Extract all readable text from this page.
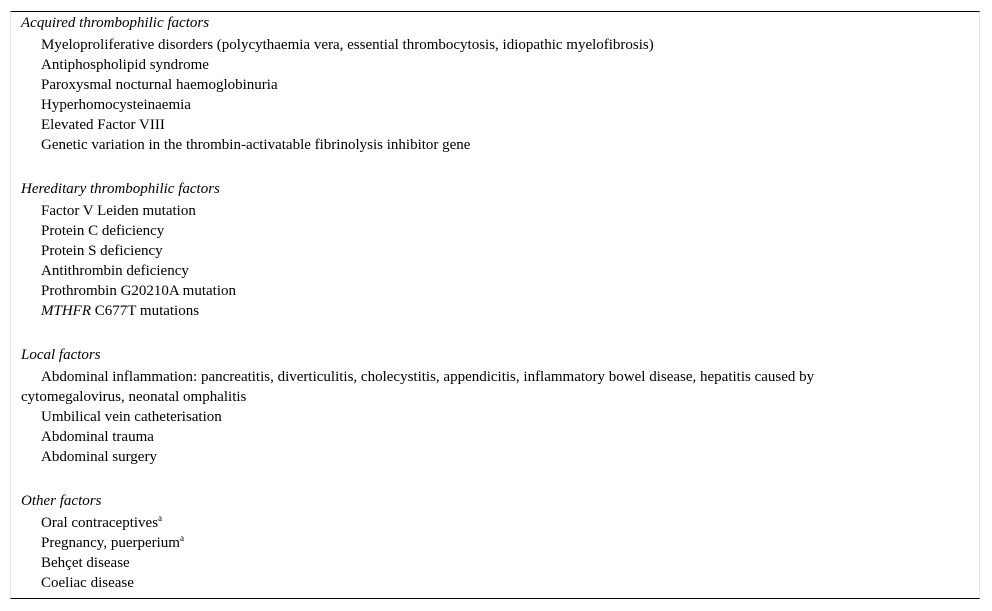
Acquired thrombophilic factors
Myeloproliferative disorders (polycythaemia vera, essential thrombocytosis, idiopathic myelofibrosis)
Antiphospholipid syndrome
Paroxysmal nocturnal haemoglobinuria
Hyperhomocysteinaemia
Elevated Factor VIII
Genetic variation in the thrombin-activatable fibrinolysis inhibitor gene
Hereditary thrombophilic factors
Factor V Leiden mutation
Protein C deficiency
Protein S deficiency
Antithrombin deficiency
Prothrombin G20210A mutation
MTHFR C677T mutations
Local factors
Abdominal inflammation: pancreatitis, diverticulitis, cholecystitis, appendicitis, inflammatory bowel disease, hepatitis caused by cytomegalovirus, neonatal omphalitis
Umbilical vein catheterisation
Abdominal trauma
Abdominal surgery
Other factors
Oral contraceptives$^a$
Pregnancy, puerperium$^a$
Behçet disease
Coeliac disease
